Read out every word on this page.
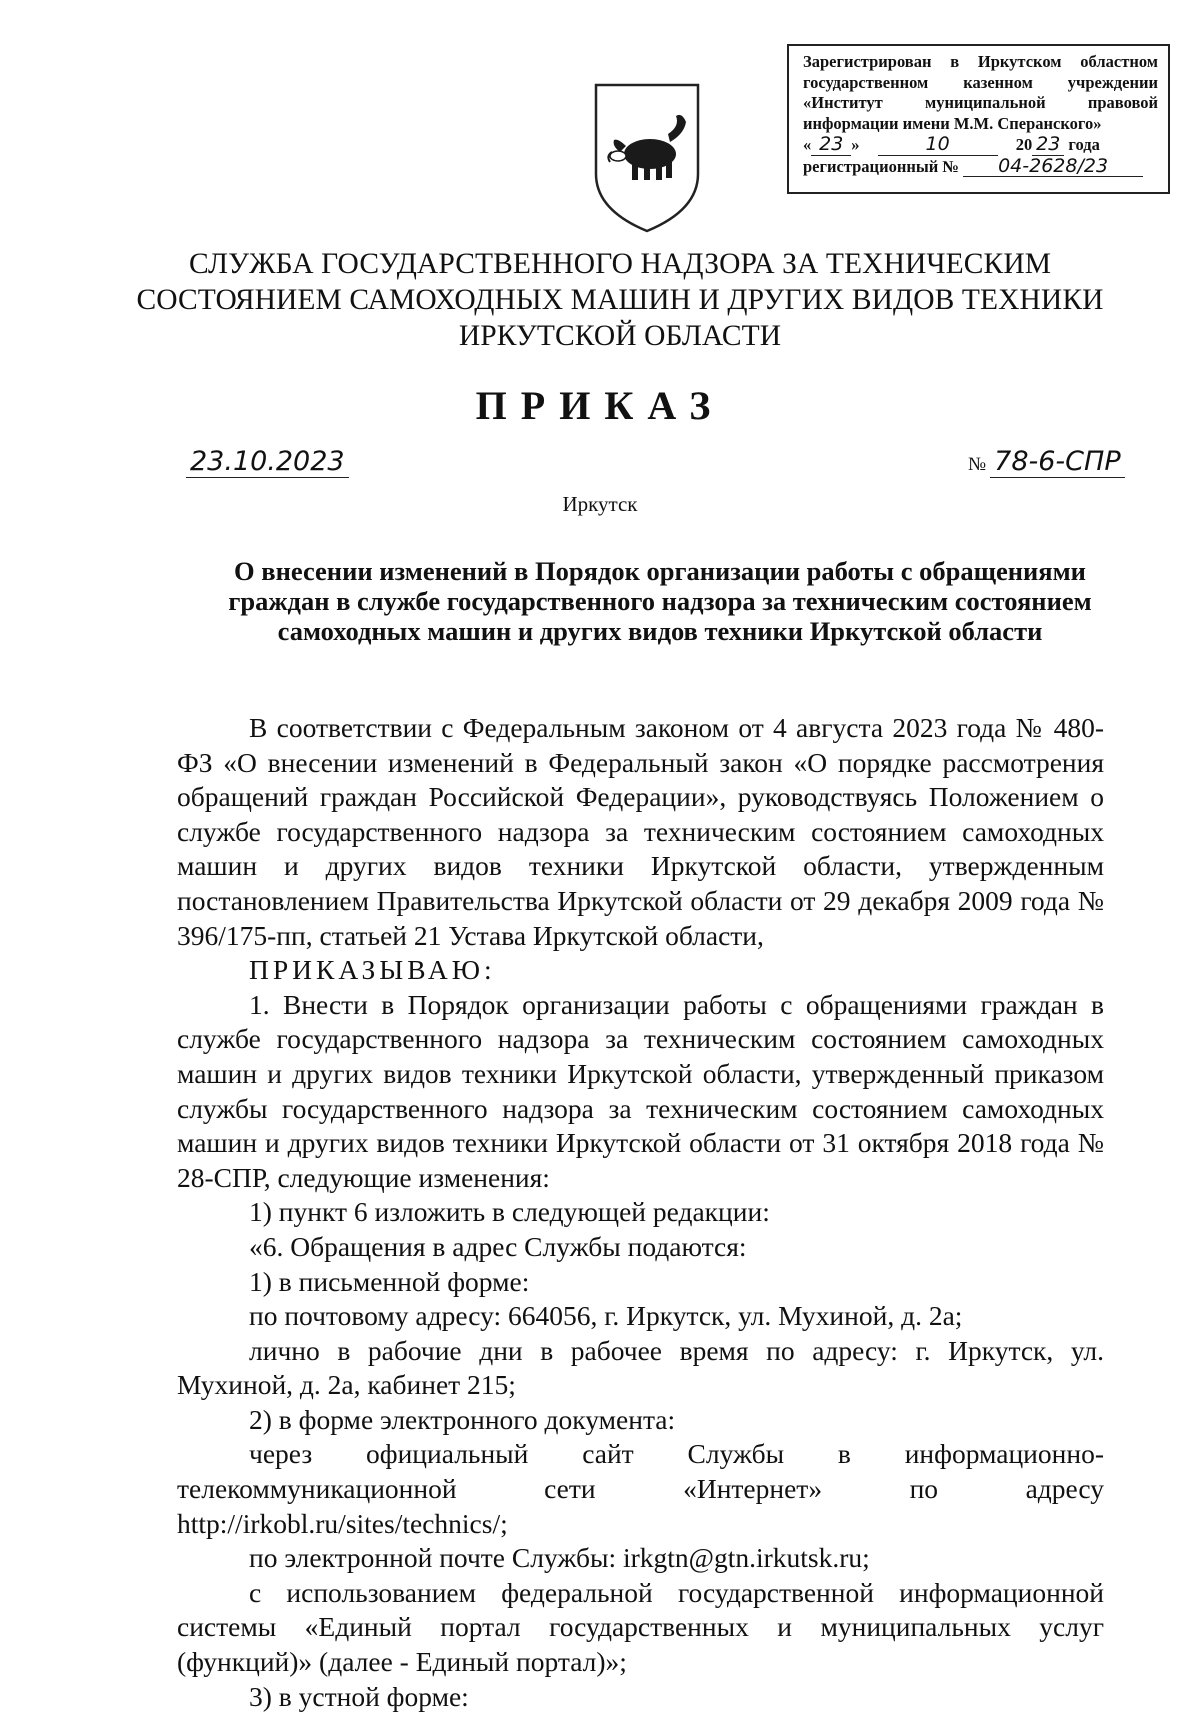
Зарегистрирован в Иркутском областном
государственном казенном учреждении
«Институт муниципальной правовой
информации имени М.М. Сперанского»
« 23 »	10	20 23 года
регистрационный № 04-2628/23
СЛУЖБА ГОСУДАРСТВЕННОГО НАДЗОРА ЗА ТЕХНИЧЕСКИМ
СОСТОЯНИЕМ САМОХОДНЫХ МАШИН И ДРУГИХ ВИДОВ ТЕХНИКИ
ИРКУТСКОЙ ОБЛАСТИ
ПРИКАЗ
23.10.2023	№ 78-6-СПР
Иркутск
О внесении изменений в Порядок организации работы с обращениями
граждан в службе государственного надзора за техническим состоянием
самоходных машин и других видов техники Иркутской области

В соответствии с Федеральным законом от 4 августа 2023 года № 480-ФЗ «О внесении изменений в Федеральный закон «О порядке рассмотрения обращений граждан Российской Федерации», руководствуясь Положением о службе государственного надзора за техническим состоянием самоходных машин и других видов техники Иркутской области, утвержденным постановлением Правительства Иркутской области от 29 декабря 2009 года № 396/175-пп, статьей 21 Устава Иркутской области,

ПРИКАЗЫВАЮ:

1. Внести в Порядок организации работы с обращениями граждан в службе государственного надзора за техническим состоянием самоходных машин и других видов техники Иркутской области, утвержденный приказом службы государственного надзора за техническим состоянием самоходных машин и других видов техники Иркутской области от 31 октября 2018 года № 28-СПР, следующие изменения:

1) пункт 6 изложить в следующей редакции:

«6. Обращения в адрес Службы подаются:

1) в письменной форме:

по почтовому адресу: 664056, г. Иркутск, ул. Мухиной, д. 2а;

лично в рабочие дни в рабочее время по адресу: г. Иркутск, ул. Мухиной, д. 2а, кабинет 215;

2) в форме электронного документа:

через официальный сайт Службы в информационно-

телекоммуникационной сети «Интернет» по адресу http://irkobl.ru/sites/technics/;

по электронной почте Службы: irkgtn@gtn.irkutsk.ru;

с использованием федеральной государственной информационной системы «Единый портал государственных и муниципальных услуг (функций)» (далее - Единый портал)»;

3) в устной форме:
